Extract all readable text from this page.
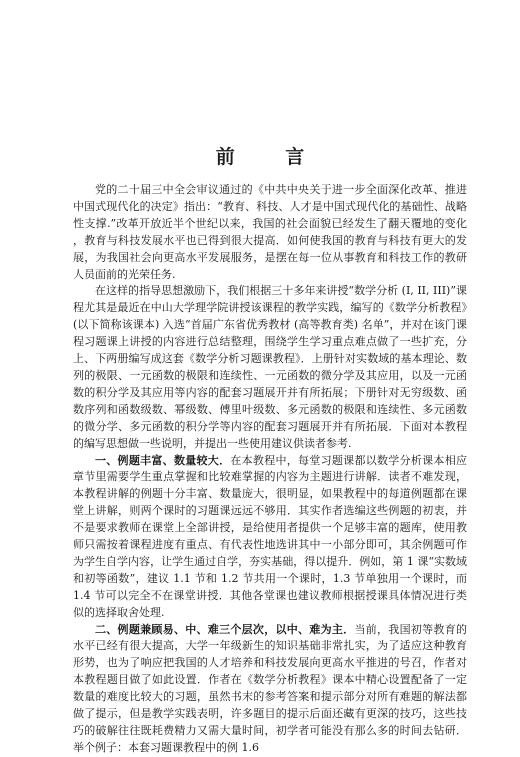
前 言

党的二十届三中全会审议通过的《中共中央关于进一步全面深化改革、推进中国式现代化的决定》指出：“教育、科技、人才是中国式现代化的基础性、战略性支撑.”改革开放近半个世纪以来，我国的社会面貌已经发生了翻天覆地的变化，教育与科技发展水平也已得到很大提高．如何使我国的教育与科技有更大的发展，为我国社会向更高水平发展服务，是摆在每一位从事教育和科技工作的教研人员面前的光荣任务.

在这样的指导思想激励下，我们根据三十多年来讲授“数学分析 (I, II, III)”课程尤其是最近在中山大学理学院讲授该课程的教学实践，编写的《数学分析教程》(以下简称该课本) 入选“首届广东省优秀教材 (高等教育类) 名单”，并对在该门课程习题课上讲授的内容进行总结整理，围绕学生学习重点难点做了一些扩充，分上、下两册编写成这套《数学分析习题课教程》．上册针对实数域的基本理论、数列的极限、一元函数的极限和连续性、一元函数的微分学及其应用，以及一元函数的积分学及其应用等内容的配套习题展开并有所拓展；下册针对无穷级数、函数序列和函数级数、幂级数、傅里叶级数、多元函数的极限和连续性、多元函数的微分学、多元函数的积分学等内容的配套习题展开并有所拓展．下面对本教程的编写思想做一些说明，并提出一些使用建议供读者参考.

一、例题丰富、数量较大．在本教程中，每堂习题课都以数学分析课本相应章节里需要学生重点掌握和比较难掌握的内容为主题进行讲解．读者不难发现，本教程讲解的例题十分丰富、数量庞大，很明显，如果教程中的每道例题都在课堂上讲解，则两个课时的习题课远远不够用．其实作者选编这些例题的初衷，并不是要求教师在课堂上全部讲授，是给使用者提供一个足够丰富的题库，使用教师只需按着课程进度有重点、有代表性地选讲其中一小部分即可，其余例题可作为学生自学内容，让学生通过自学，夯实基础，得以提升．例如，第 1 课“实数域和初等函数”，建议 1.1 节和 1.2 节共用一个课时，1.3 节单独用一个课时，而 1.4 节可以完全不在课堂讲授．其他各堂课也建议教师根据授课具体情况进行类似的选择取舍处理.

二、例题兼顾易、中、难三个层次，以中、难为主．当前，我国初等教育的水平已经有很大提高，大学一年级新生的知识基础非常扎实，为了适应这种教育形势，也为了响应把我国的人才培养和科技发展向更高水平推进的号召，作者对本教程题目做了如此设置．作者在《数学分析教程》课本中精心设置配备了一定数量的难度比较大的习题，虽然书末的参考答案和提示部分对所有难题的解法都做了提示，但是教学实践表明，许多题目的提示后面还藏有更深的技巧，这些技巧的破解往往既耗费精力又需大量时间，初学者可能没有那么多的时间去钻研．举个例子：本套习题课教程中的例 1.6
